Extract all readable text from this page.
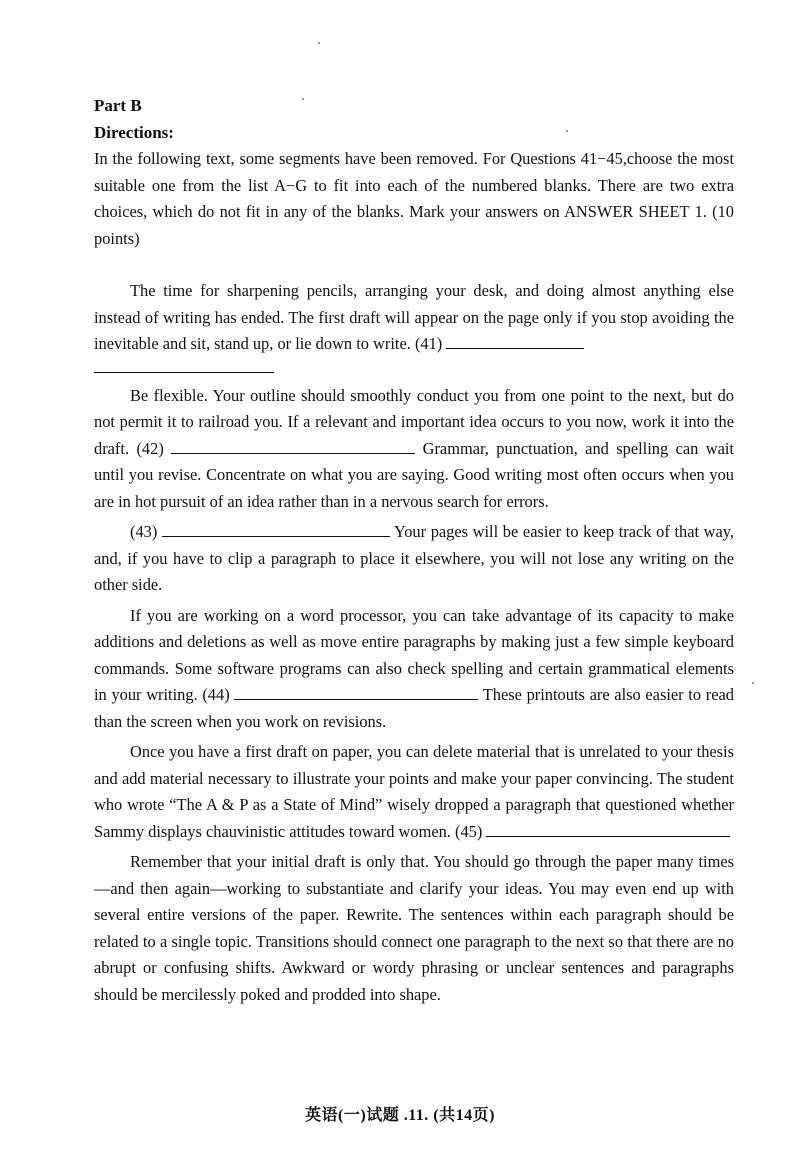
Part B
Directions:

In the following text, some segments have been removed. For Questions 41−45,choose the most suitable one from the list A−G to fit into each of the numbered blanks. There are two extra choices, which do not fit in any of the blanks. Mark your answers on ANSWER SHEET 1. (10 points)

The time for sharpening pencils, arranging your desk, and doing almost anything else instead of writing has ended. The first draft will appear on the page only if you stop avoiding the inevitable and sit, stand up, or lie down to write. (41)

Be flexible. Your outline should smoothly conduct you from one point to the next, but do not permit it to railroad you. If a relevant and important idea occurs to you now, work it into the draft. (42)	Grammar, punctuation, and spelling can wait until you revise. Concentrate on what you are saying. Good writing most often occurs when you are in hot pursuit of an idea rather than in a nervous search for errors.

(43)	Your pages will be easier to keep track of that way, and, if you have to clip a paragraph to place it elsewhere, you will not lose any writing on the other side.

If you are working on a word processor, you can take advantage of its capacity to make additions and deletions as well as move entire paragraphs by making just a few simple keyboard commands. Some software programs can also check spelling and certain grammatical elements in your writing. (44)	These printouts are also easier to read than the screen when you work on revisions.

Once you have a first draft on paper, you can delete material that is unrelated to your thesis and add material necessary to illustrate your points and make your paper convincing. The student who wrote “The A & P as a State of Mind” wisely dropped a paragraph that questioned whether Sammy displays chauvinistic attitudes toward women. (45)

Remember that your initial draft is only that. You should go through the paper many times—and then again—working to substantiate and clarify your ideas. You may even end up with several entire versions of the paper. Rewrite. The sentences within each paragraph should be related to a single topic. Transitions should connect one paragraph to the next so that there are no abrupt or confusing shifts. Awkward or wordy phrasing or unclear sentences and paragraphs should be mercilessly poked and prodded into shape.

英语(一)试题 .11. (共14页)
